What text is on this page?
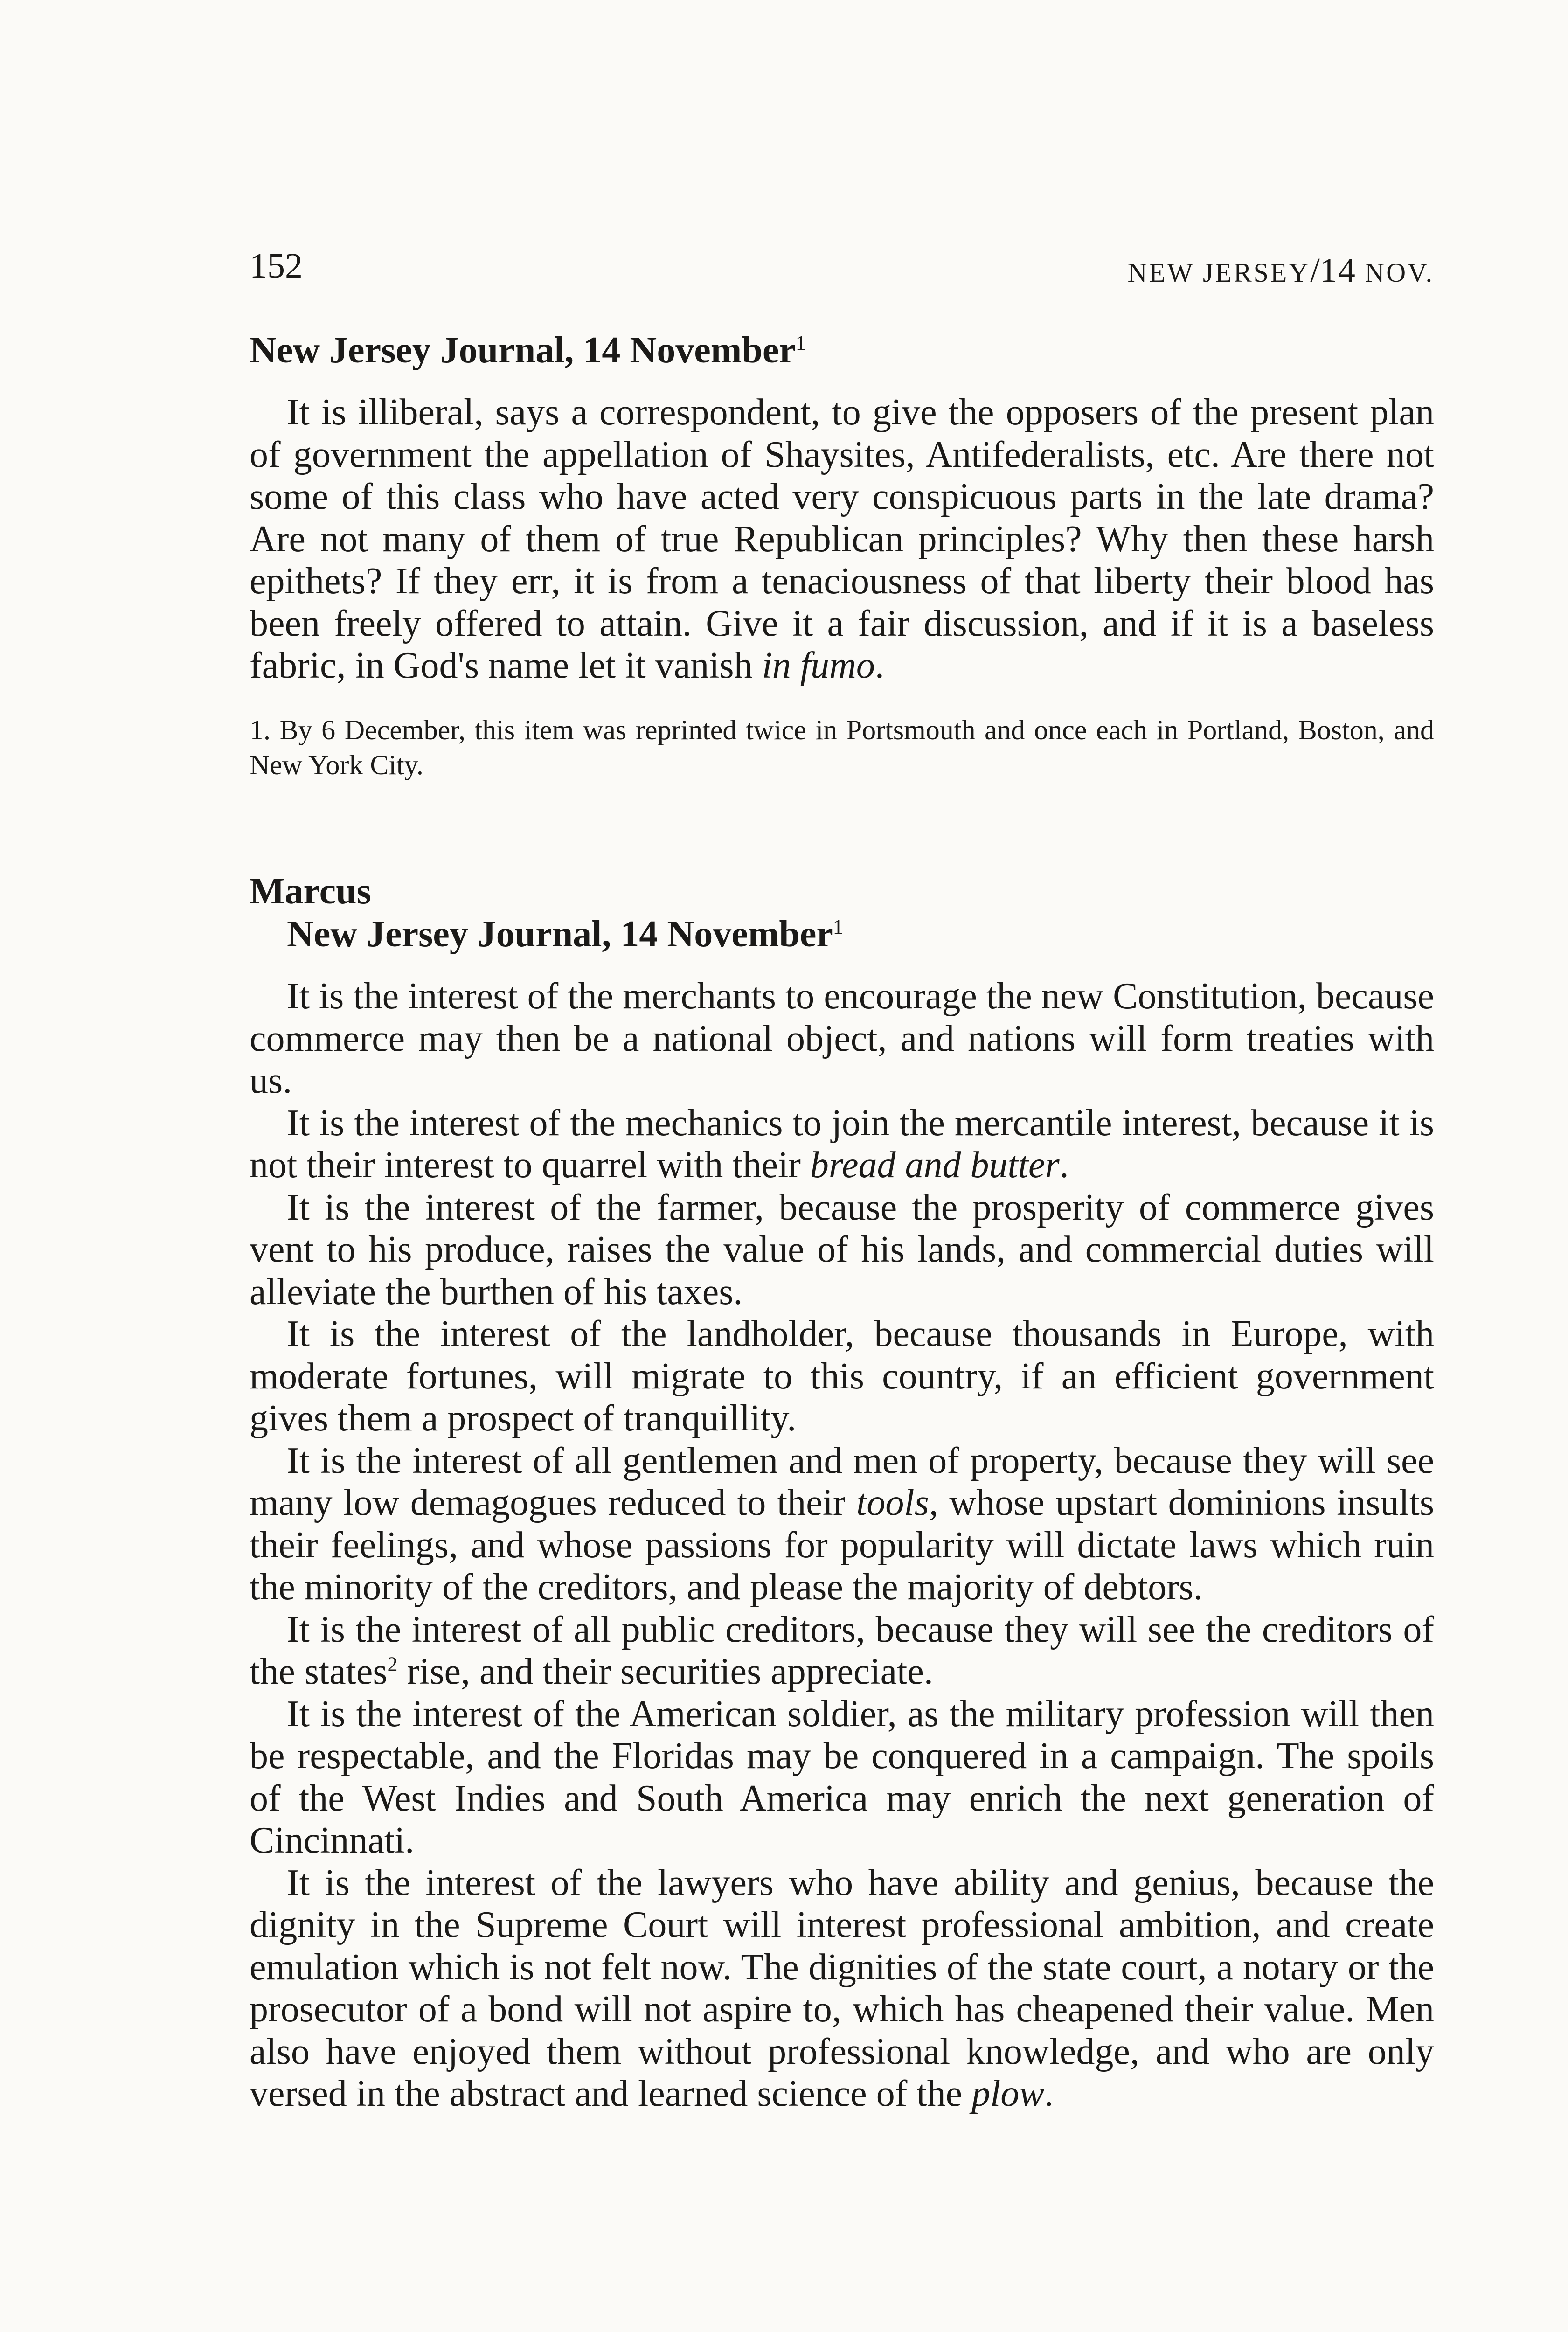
152	NEW JERSEY/14 NOV.
New Jersey Journal, 14 November$^1$

It is illiberal, says a correspondent, to give the opposers of the present plan of government the appellation of Shaysites, Antifederalists, etc. Are there not some of this class who have acted very conspicuous parts in the late drama? Are not many of them of true Republican principles? Why then these harsh epithets? If they err, it is from a tenaciousness of that liberty their blood has been freely offered to attain. Give it a fair discussion, and if it is a baseless fabric, in God's name let it vanish in fumo.

1. By 6 December, this item was reprinted twice in Portsmouth and once each in Portland, Boston, and New York City.

Marcus
New Jersey Journal, 14 November$^1$

It is the interest of the merchants to encourage the new Constitution, because commerce may then be a national object, and nations will form treaties with us.

It is the interest of the mechanics to join the mercantile interest, because it is not their interest to quarrel with their bread and butter.

It is the interest of the farmer, because the prosperity of commerce gives vent to his produce, raises the value of his lands, and commercial duties will alleviate the burthen of his taxes.

It is the interest of the landholder, because thousands in Europe, with moderate fortunes, will migrate to this country, if an efficient government gives them a prospect of tranquillity.

It is the interest of all gentlemen and men of property, because they will see many low demagogues reduced to their tools, whose upstart dominions insults their feelings, and whose passions for popularity will dictate laws which ruin the minority of the creditors, and please the majority of debtors.

It is the interest of all public creditors, because they will see the creditors of the states$^2$ rise, and their securities appreciate.

It is the interest of the American soldier, as the military profession will then be respectable, and the Floridas may be conquered in a campaign. The spoils of the West Indies and South America may enrich the next generation of Cincinnati.

It is the interest of the lawyers who have ability and genius, because the dignity in the Supreme Court will interest professional ambition, and create emulation which is not felt now. The dignities of the state court, a notary or the prosecutor of a bond will not aspire to, which has cheapened their value. Men also have enjoyed them without professional knowledge, and who are only versed in the abstract and learned science of the plow.
